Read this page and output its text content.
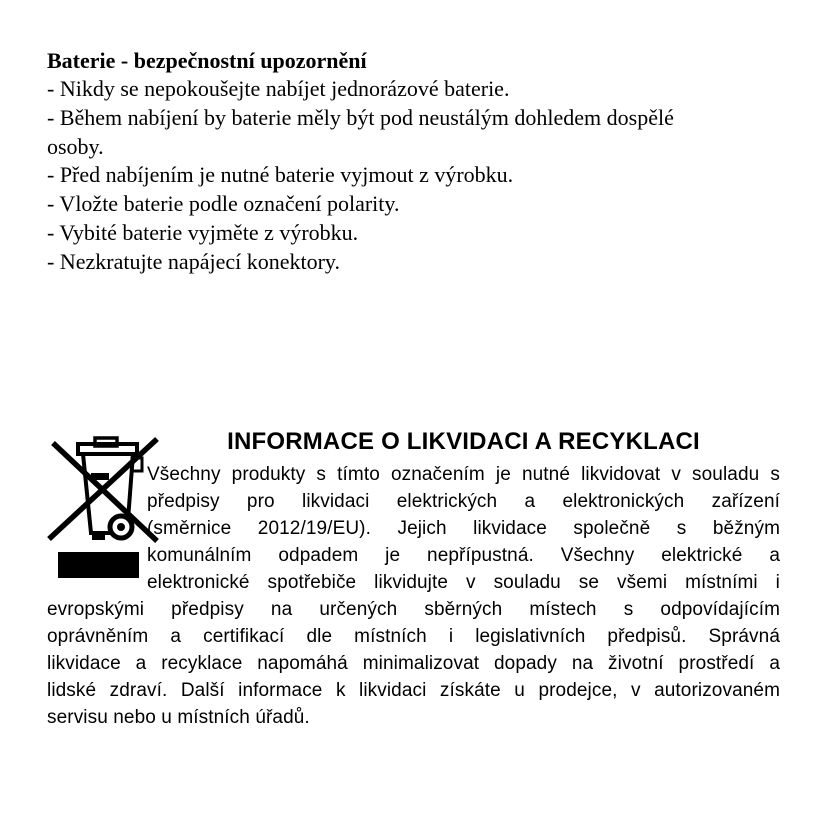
Baterie - bezpečnostní upozornění
- Nikdy se nepokoušejte nabíjet jednorázové baterie.
- Během nabíjení by baterie měly být pod neustálým dohledem dospělé
osoby.
- Před nabíjením je nutné baterie vyjmout z výrobku.
- Vložte baterie podle označení polarity.
- Vybité baterie vyjměte z výrobku.
- Nezkratujte napájecí konektory.
INFORMACE O LIKVIDACI A RECYKLACI
Všechny produkty s tímto označením je nutné likvidovat v souladu s
předpisy pro likvidaci elektrických a elektronických zařízení
(směrnice 2012/19/EU). Jejich likvidace společně s běžným
komunálním odpadem je nepřípustná. Všechny elektrické a
elektronické spotřebiče likvidujte v souladu se všemi místními i
evropskými předpisy na určených sběrných místech s odpovídajícím
oprávněním a certifikací dle místních i legislativních předpisů. Správná
likvidace a recyklace napomáhá minimalizovat dopady na životní prostředí a
lidské zdraví. Další informace k likvidaci získáte u prodejce, v autorizovaném
servisu nebo u místních úřadů.
